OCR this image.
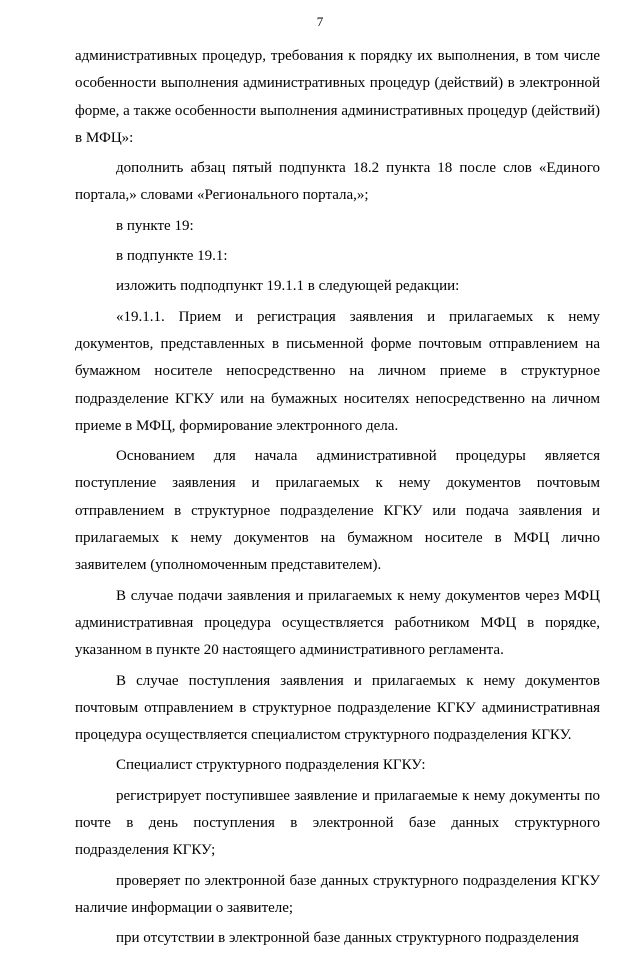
7

административных процедур, требования к порядку их выполнения, в том числе особенности выполнения административных процедур (действий) в электронной форме, а также особенности выполнения административных процедур (действий) в МФЦ»:

дополнить абзац пятый подпункта 18.2 пункта 18 после слов «Единого портала,» словами «Регионального портала,»;

в пункте 19:

в подпункте 19.1:

изложить подподпункт 19.1.1 в следующей редакции:

«19.1.1. Прием и регистрация заявления и прилагаемых к нему документов, представленных в письменной форме почтовым отправлением на бумажном носителе непосредственно на личном приеме в структурное подразделение КГКУ или на бумажных носителях непосредственно на личном приеме в МФЦ, формирование электронного дела.

Основанием для начала административной процедуры является поступление заявления и прилагаемых к нему документов почтовым отправлением в структурное подразделение КГКУ или подача заявления и прилагаемых к нему документов на бумажном носителе в МФЦ лично заявителем (уполномоченным представителем).

В случае подачи заявления и прилагаемых к нему документов через МФЦ административная процедура осуществляется работником МФЦ в порядке, указанном в пункте 20 настоящего административного регламента.

В случае поступления заявления и прилагаемых к нему документов почтовым отправлением в структурное подразделение КГКУ административная процедура осуществляется специалистом структурного подразделения КГКУ.

Специалист структурного подразделения КГКУ:

регистрирует поступившее заявление и прилагаемые к нему документы по почте в день поступления в электронной базе данных структурного подразделения КГКУ;

проверяет по электронной базе данных структурного подразделения КГКУ наличие информации о заявителе;

при отсутствии в электронной базе данных структурного подразделения
